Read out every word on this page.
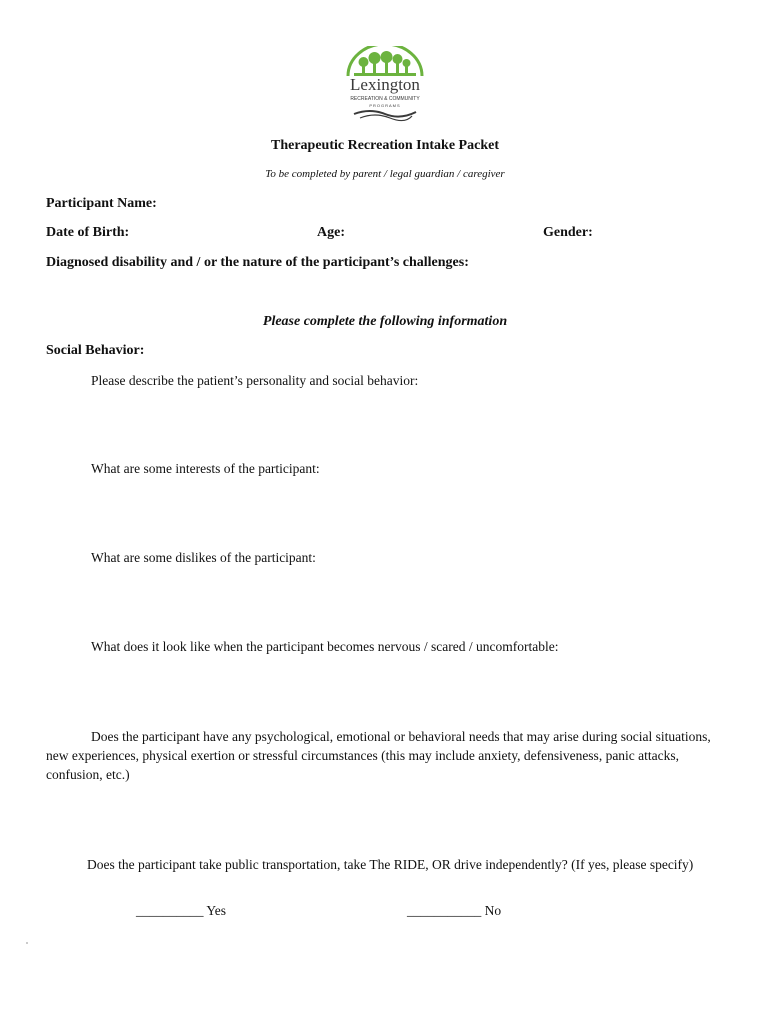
Lexington
RECREATION & COMMUNITY
PROGRAMS
Therapeutic Recreation Intake Packet
To be completed by parent / legal guardian / caregiver
Participant Name:
Date of Birth:	Age:	Gender:
Diagnosed disability and / or the nature of the participant’s challenges:
Please complete the following information
Social Behavior:
Please describe the patient’s personality and social behavior:
What are some interests of the participant:
What are some dislikes of the participant:
What does it look like when the participant becomes nervous / scared / uncomfortable:
Does the participant have any psychological, emotional or behavioral needs that may arise during social situations, new experiences, physical exertion or stressful circumstances (this may include anxiety, defensiveness, panic attacks, confusion, etc.)
Does the participant take public transportation, take The RIDE, OR drive independently? (If yes, please specify)
__________ Yes	___________ No
